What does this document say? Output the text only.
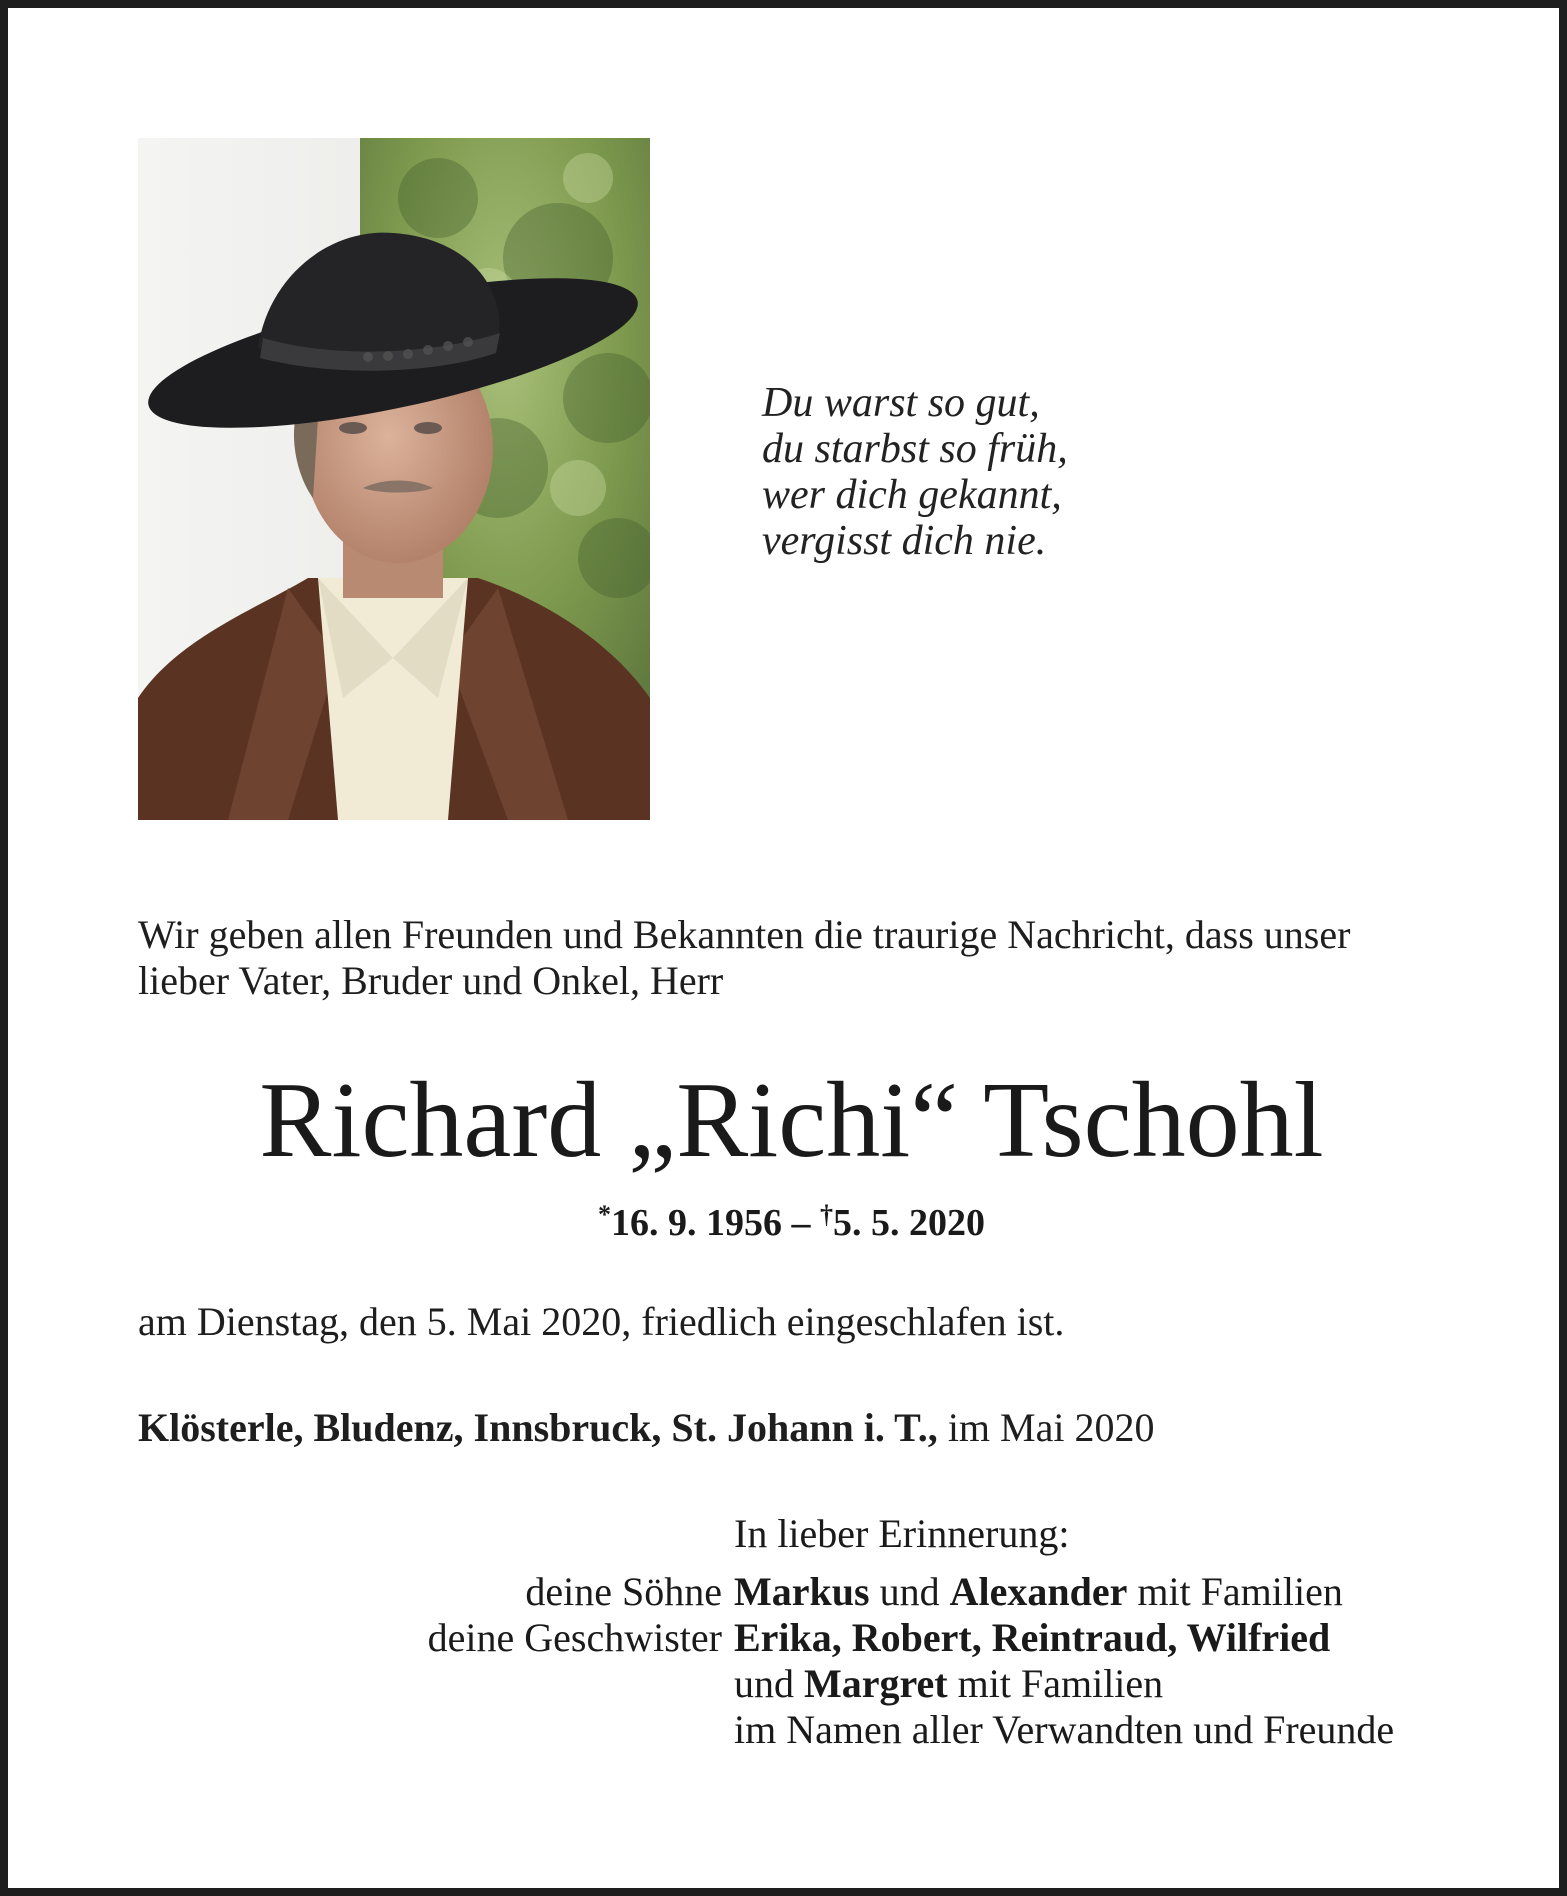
Du warst so gut,
du starbst so früh,
wer dich gekannt,
vergisst dich nie.
Wir geben allen Freunden und Bekannten die traurige Nachricht, dass unser
lieber Vater, Bruder und Onkel, Herr
Richard „Richi“ Tschohl
*16. 9. 1956 – †5. 5. 2020
am Dienstag, den 5. Mai 2020, friedlich eingeschlafen ist.
Klösterle, Bludenz, Innsbruck, St. Johann i. T., im Mai 2020
In lieber Erinnerung:
deine Söhne Markus und Alexander mit Familien
deine Geschwister Erika, Robert, Reintraud, Wilfried
und Margret mit Familien
im Namen aller Verwandten und Freunde
